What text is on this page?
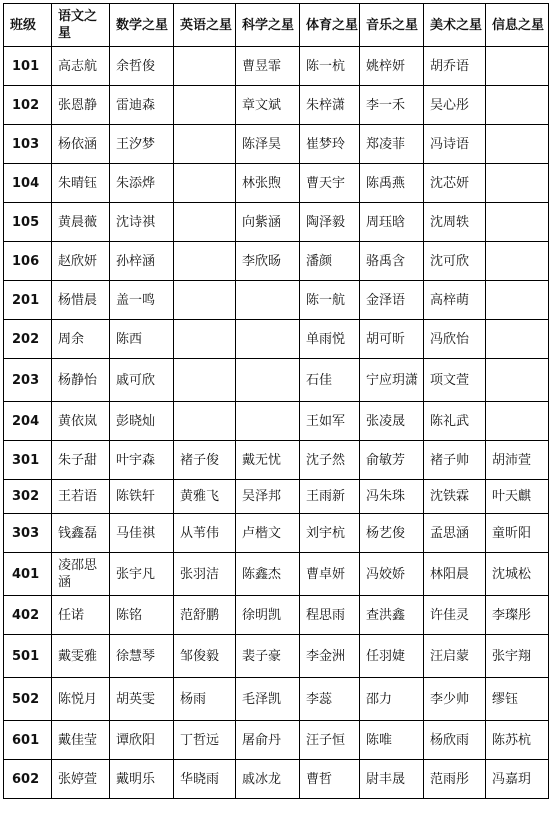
班级	语文之星	数学之星	英语之星	科学之星	体育之星	音乐之星	美术之星	信息之星
101	高志航	余哲俊		曹昱霏	陈一杭	姚梓妍	胡乔语	
102	张恩静	雷迪森		章文斌	朱梓潇	李一禾	吴心彤	
103	杨依涵	王汐梦		陈泽昊	崔梦玲	郑凌菲	冯诗语	
104	朱晴钰	朱添烨		林张煦	曹天宇	陈禹燕	沈芯妍	
105	黄晨薇	沈诗祺		向紫涵	陶泽毅	周珏晗	沈周轶	
106	赵欣妍	孙梓涵		李欣旸	潘颜	骆禹含	沈可欣	
201	杨惜晨	盖一鸣			陈一航	金泽语	高梓萌	
202	周余	陈西			单雨悦	胡可昕	冯欣怡	
203	杨静怡	戚可欣			石佳	宁应玥潇	项文萱	
204	黄依岚	彭晓灿			王如军	张凌晟	陈礼武	
301	朱子甜	叶宇森	褚子俊	戴无忧	沈子然	俞敏芳	褚子帅	胡沛萱
302	王若语	陈铁轩	黄雅飞	吴泽邦	王雨新	冯朱珠	沈铁霖	叶天麒
303	钱鑫磊	马佳祺	从苇伟	卢楷文	刘宇杭	杨艺俊	孟思涵	童昕阳
401	凌邵思涵	张宇凡	张羽洁	陈鑫杰	曹卓妍	冯姣娇	林阳晨	沈城松
402	任诺	陈铭	范舒鹏	徐明凯	程思雨	查洪鑫	许佳灵	李璨彤
501	戴雯雅	徐慧琴	邹俊毅	裴子豪	李金洲	任羽婕	汪启蒙	张宇翔
502	陈悦月	胡英雯	杨雨	毛泽凯	李蕊	邵力	李少帅	缪钰
601	戴佳莹	谭欣阳	丁哲远	屠俞丹	汪子恒	陈唯	杨欣雨	陈苏杭
602	张婷萱	戴明乐	华晓雨	戚冰龙	曹哲	尉丰晟	范雨彤	冯嘉玥
